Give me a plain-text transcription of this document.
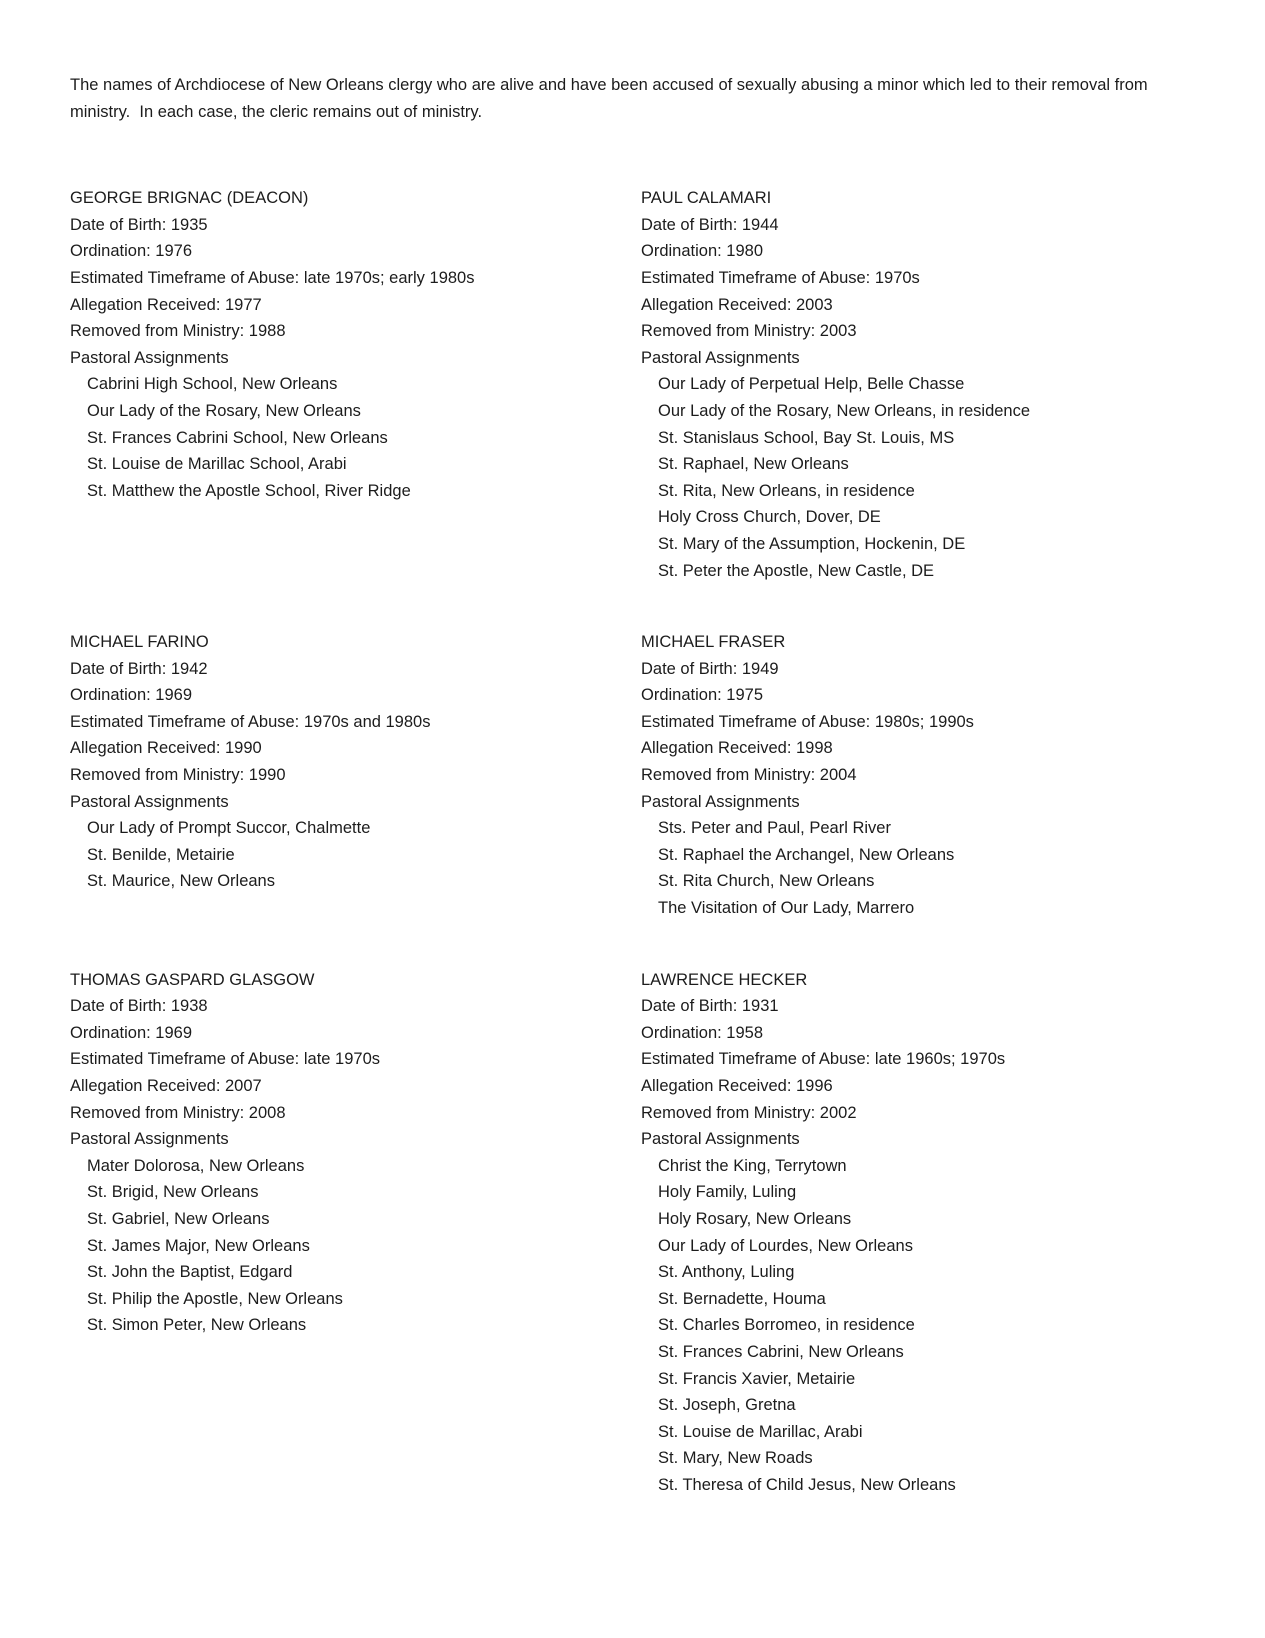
The names of Archdiocese of New Orleans clergy who are alive and have been accused of sexually abusing a minor which led to their removal from ministry.  In each case, the cleric remains out of ministry.

GEORGE BRIGNAC (DEACON)
Date of Birth: 1935
Ordination: 1976
Estimated Timeframe of Abuse: late 1970s; early 1980s
Allegation Received: 1977
Removed from Ministry: 1988
Pastoral Assignments
Cabrini High School, New Orleans
Our Lady of the Rosary, New Orleans
St. Frances Cabrini School, New Orleans
St. Louise de Marillac School, Arabi
St. Matthew the Apostle School, River Ridge
PAUL CALAMARI
Date of Birth: 1944
Ordination: 1980
Estimated Timeframe of Abuse: 1970s
Allegation Received: 2003
Removed from Ministry: 2003
Pastoral Assignments
Our Lady of Perpetual Help, Belle Chasse
Our Lady of the Rosary, New Orleans, in residence
St. Stanislaus School, Bay St. Louis, MS
St. Raphael, New Orleans
St. Rita, New Orleans, in residence
Holy Cross Church, Dover, DE
St. Mary of the Assumption, Hockenin, DE
St. Peter the Apostle, New Castle, DE
MICHAEL FARINO
Date of Birth: 1942
Ordination: 1969
Estimated Timeframe of Abuse: 1970s and 1980s
Allegation Received: 1990
Removed from Ministry: 1990
Pastoral Assignments
Our Lady of Prompt Succor, Chalmette
St. Benilde, Metairie
St. Maurice, New Orleans
MICHAEL FRASER
Date of Birth: 1949
Ordination: 1975
Estimated Timeframe of Abuse: 1980s; 1990s
Allegation Received: 1998
Removed from Ministry: 2004
Pastoral Assignments
Sts. Peter and Paul, Pearl River
St. Raphael the Archangel, New Orleans
St. Rita Church, New Orleans
The Visitation of Our Lady, Marrero
THOMAS GASPARD GLASGOW
Date of Birth: 1938
Ordination: 1969
Estimated Timeframe of Abuse: late 1970s
Allegation Received: 2007
Removed from Ministry: 2008
Pastoral Assignments
Mater Dolorosa, New Orleans
St. Brigid, New Orleans
St. Gabriel, New Orleans
St. James Major, New Orleans
St. John the Baptist, Edgard
St. Philip the Apostle, New Orleans
St. Simon Peter, New Orleans
LAWRENCE HECKER
Date of Birth: 1931
Ordination: 1958
Estimated Timeframe of Abuse: late 1960s; 1970s
Allegation Received: 1996
Removed from Ministry: 2002
Pastoral Assignments
Christ the King, Terrytown
Holy Family, Luling
Holy Rosary, New Orleans
Our Lady of Lourdes, New Orleans
St. Anthony, Luling
St. Bernadette, Houma
St. Charles Borromeo, in residence
St. Frances Cabrini, New Orleans
St. Francis Xavier, Metairie
St. Joseph, Gretna
St. Louise de Marillac, Arabi
St. Mary, New Roads
St. Theresa of Child Jesus, New Orleans
